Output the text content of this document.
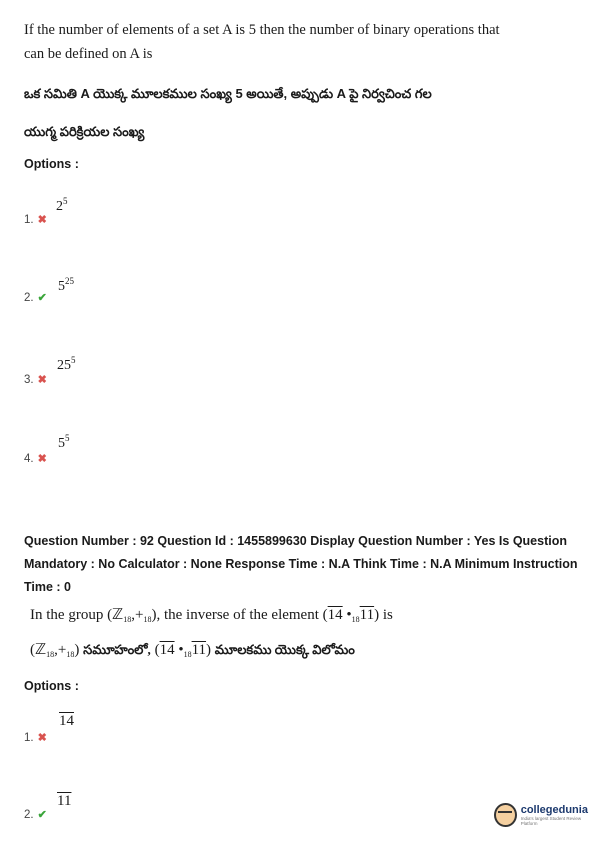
If the number of elements of a set A is 5 then the number of binary operations that
can be defined on A is
ఒక సమితి A యొక్క మూలకముల సంఖ్య 5 అయితే, అప్పుడు A పై నిర్వచించ గల
యుగ్మ పరిక్రియల సంఖ్య
Options :
$2^5$
1. ✖
$5^{25}$
2. ✔
$25^5$
3. ✖
$5^5$
4. ✖
Question Number : 92 Question Id : 1455899630 Display Question Number : Yes Is Question
Mandatory : No Calculator : None Response Time : N.A Think Time : N.A Minimum Instruction
Time : 0
In the group $(ℤ_{18},+_{18})$, the inverse of the element (14 $•_{18}11$) is
$(ℤ_{18},+_{18})$ సమూహంలో, (14 $•_{18}11$) మూలకము యొక్క విలోమం
Options :
14
1. ✖
11
2. ✔	collegedunia
India's largest Student Review Platform
